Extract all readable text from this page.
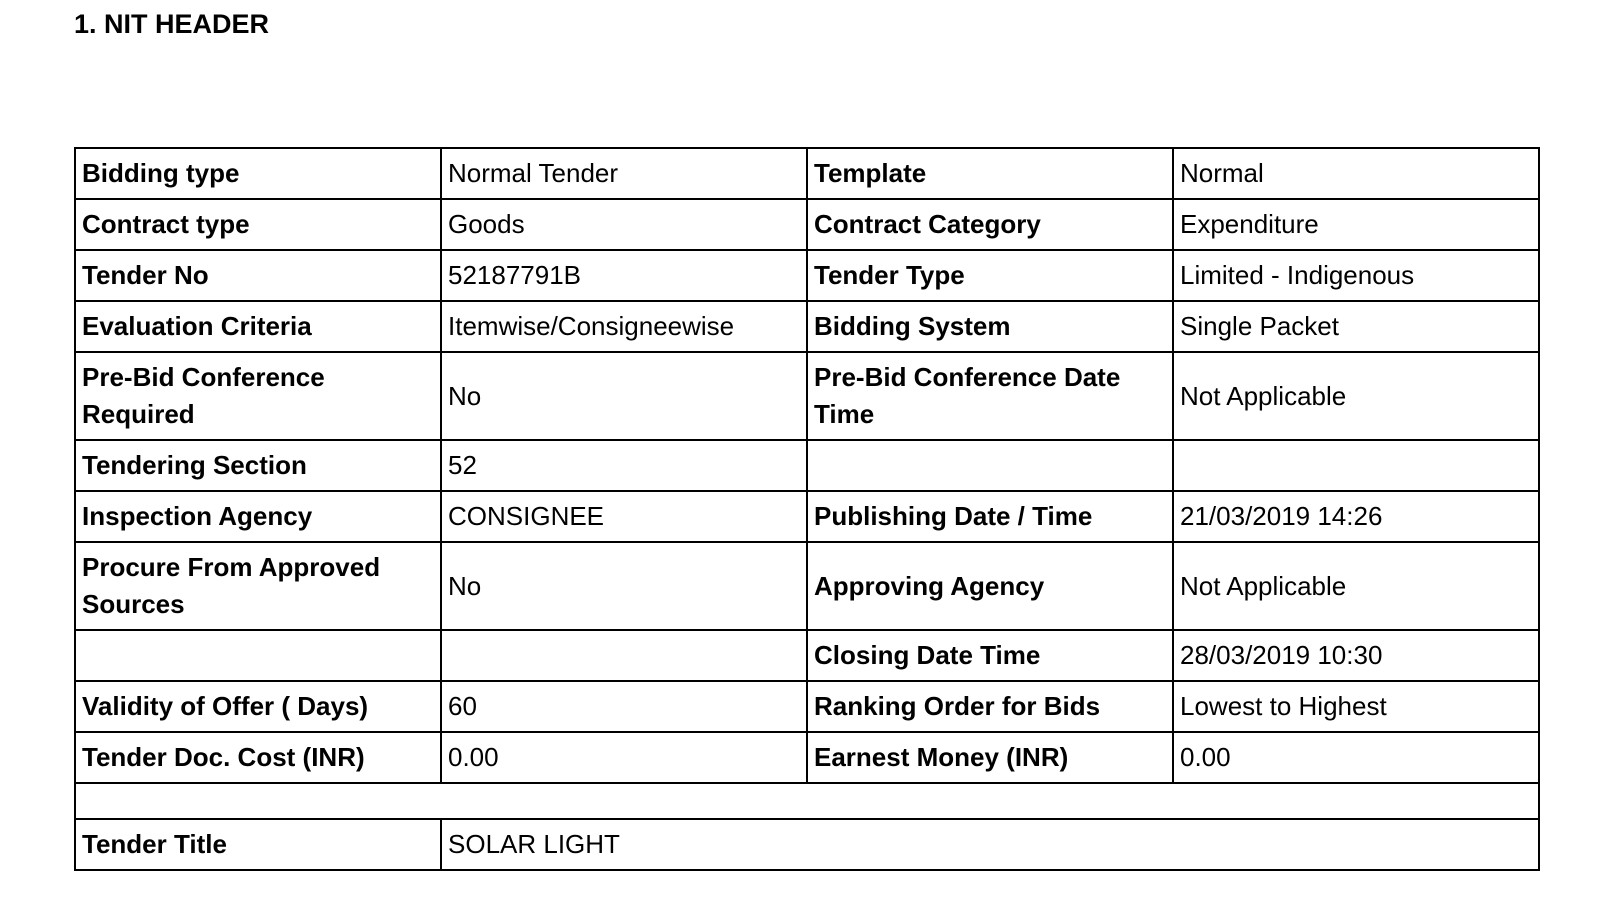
1. NIT HEADER
Bidding type	Normal Tender	Template	Normal
Contract type	Goods	Contract Category	Expenditure
Tender No	52187791B	Tender Type	Limited - Indigenous
Evaluation Criteria	Itemwise/Consigneewise	Bidding System	Single Packet
Pre-Bid Conference Required	No	Pre-Bid Conference Date Time	Not Applicable
Tendering Section	52		
Inspection Agency	CONSIGNEE	Publishing Date / Time	21/03/2019 14:26
Procure From Approved Sources	No	Approving Agency	Not Applicable
		Closing Date Time	28/03/2019 10:30
Validity of Offer ( Days)	60	Ranking Order for Bids	Lowest to Highest
Tender Doc. Cost (INR)	0.00	Earnest Money (INR)	0.00

Tender Title	SOLAR LIGHT		
